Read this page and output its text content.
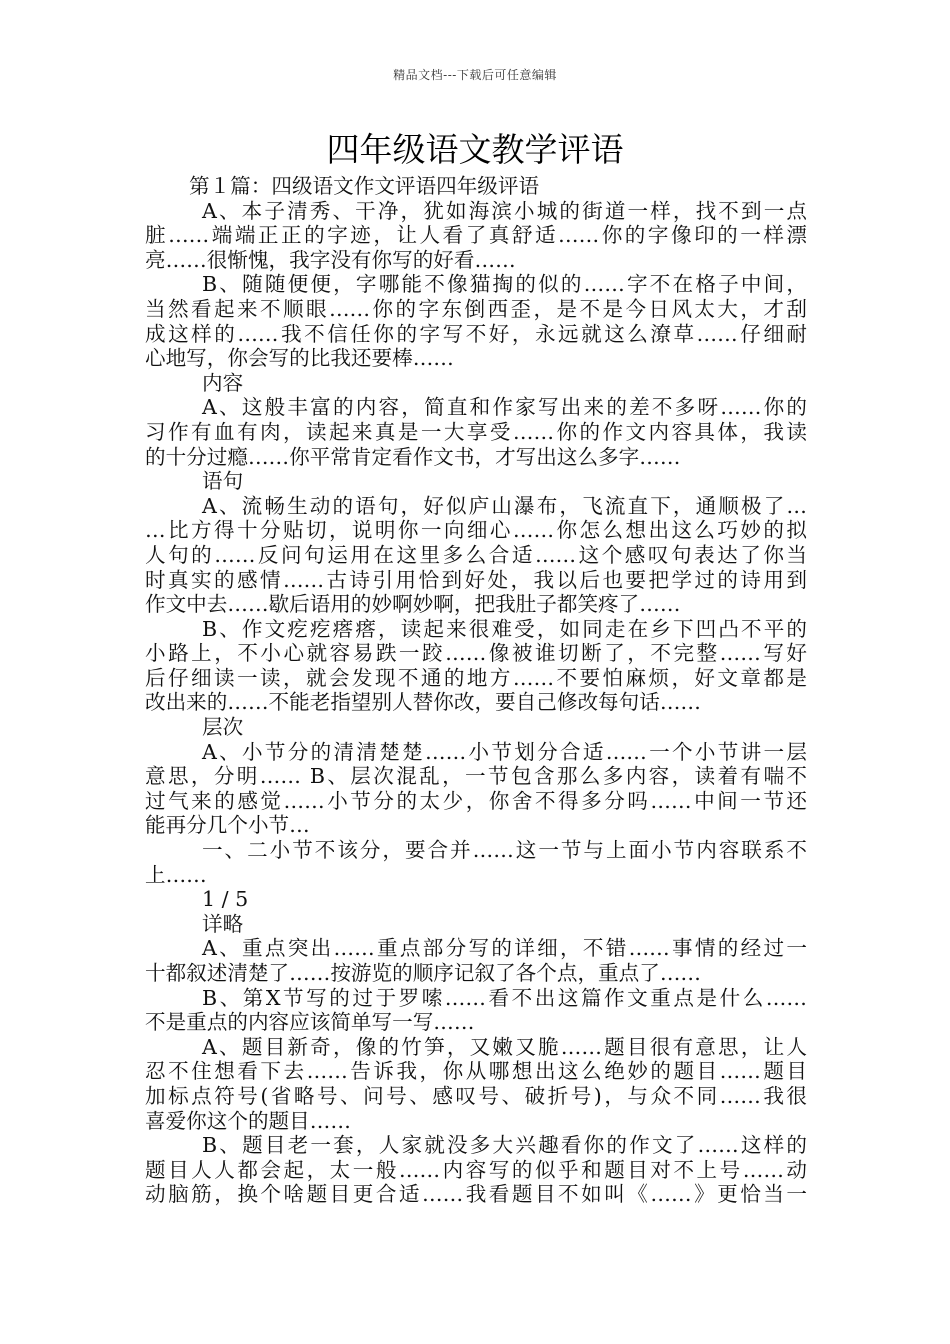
精品文档---下载后可任意编辑
四年级语文教学评语
第１篇：四级语文作文评语四年级评语
A、本子清秀、干净，犹如海滨小城的街道一样，找不到一点
脏……端端正正的字迹，让人看了真舒适……你的字像印的一样漂
亮……很惭愧，我字没有你写的好看……
B、随随便便，字哪能不像猫掏的似的……字不在格子中间，
当然看起来不顺眼……你的字东倒西歪，是不是今日风太大，才刮
成这样的……我不信任你的字写不好，永远就这么潦草……仔细耐
心地写，你会写的比我还要棒……
内容
A、这般丰富的内容，简直和作家写出来的差不多呀……你的
习作有血有肉，读起来真是一大享受……你的作文内容具体，我读
的十分过瘾……你平常肯定看作文书，才写出这么多字……
语句
A、流畅生动的语句，好似庐山瀑布，飞流直下，通顺极了…
…比方得十分贴切，说明你一向细心……你怎么想出这么巧妙的拟
人句的……反问句运用在这里多么合适……这个感叹句表达了你当
时真实的感情……古诗引用恰到好处，我以后也要把学过的诗用到
作文中去……歇后语用的妙啊妙啊，把我肚子都笑疼了……
B、作文疙疙瘩瘩，读起来很难受，如同走在乡下凹凸不平的
小路上，不小心就容易跌一跤……像被谁切断了，不完整……写好
后仔细读一读，就会发现不通的地方……不要怕麻烦，好文章都是
改出来的……不能老指望别人替你改，要自己修改每句话……
层次
A、小节分的清清楚楚……小节划分合适……一个小节讲一层
意思，分明…… B、层次混乱，一节包含那么多内容，读着有喘不
过气来的感觉……小节分的太少，你舍不得多分吗……中间一节还
能再分几个小节…
一、二小节不该分，要合并……这一节与上面小节内容联系不
上……
1 / 5
详略
A、重点突出……重点部分写的详细，不错……事情的经过一
十都叙述清楚了……按游览的顺序记叙了各个点，重点了……
B、第X节写的过于罗嗦……看不出这篇作文重点是什么……
不是重点的内容应该简单写一写……
A、题目新奇，像的竹笋，又嫩又脆……题目很有意思，让人
忍不住想看下去……告诉我，你从哪想出这么绝妙的题目……题目
加标点符号(省略号、问号、感叹号、破折号)，与众不同……我很
喜爱你这个的题目……
B、题目老一套，人家就没多大兴趣看你的作文了……这样的
题目人人都会起，太一般……内容写的似乎和题目对不上号……动
动脑筋，换个啥题目更合适……我看题目不如叫《……》更恰当一
